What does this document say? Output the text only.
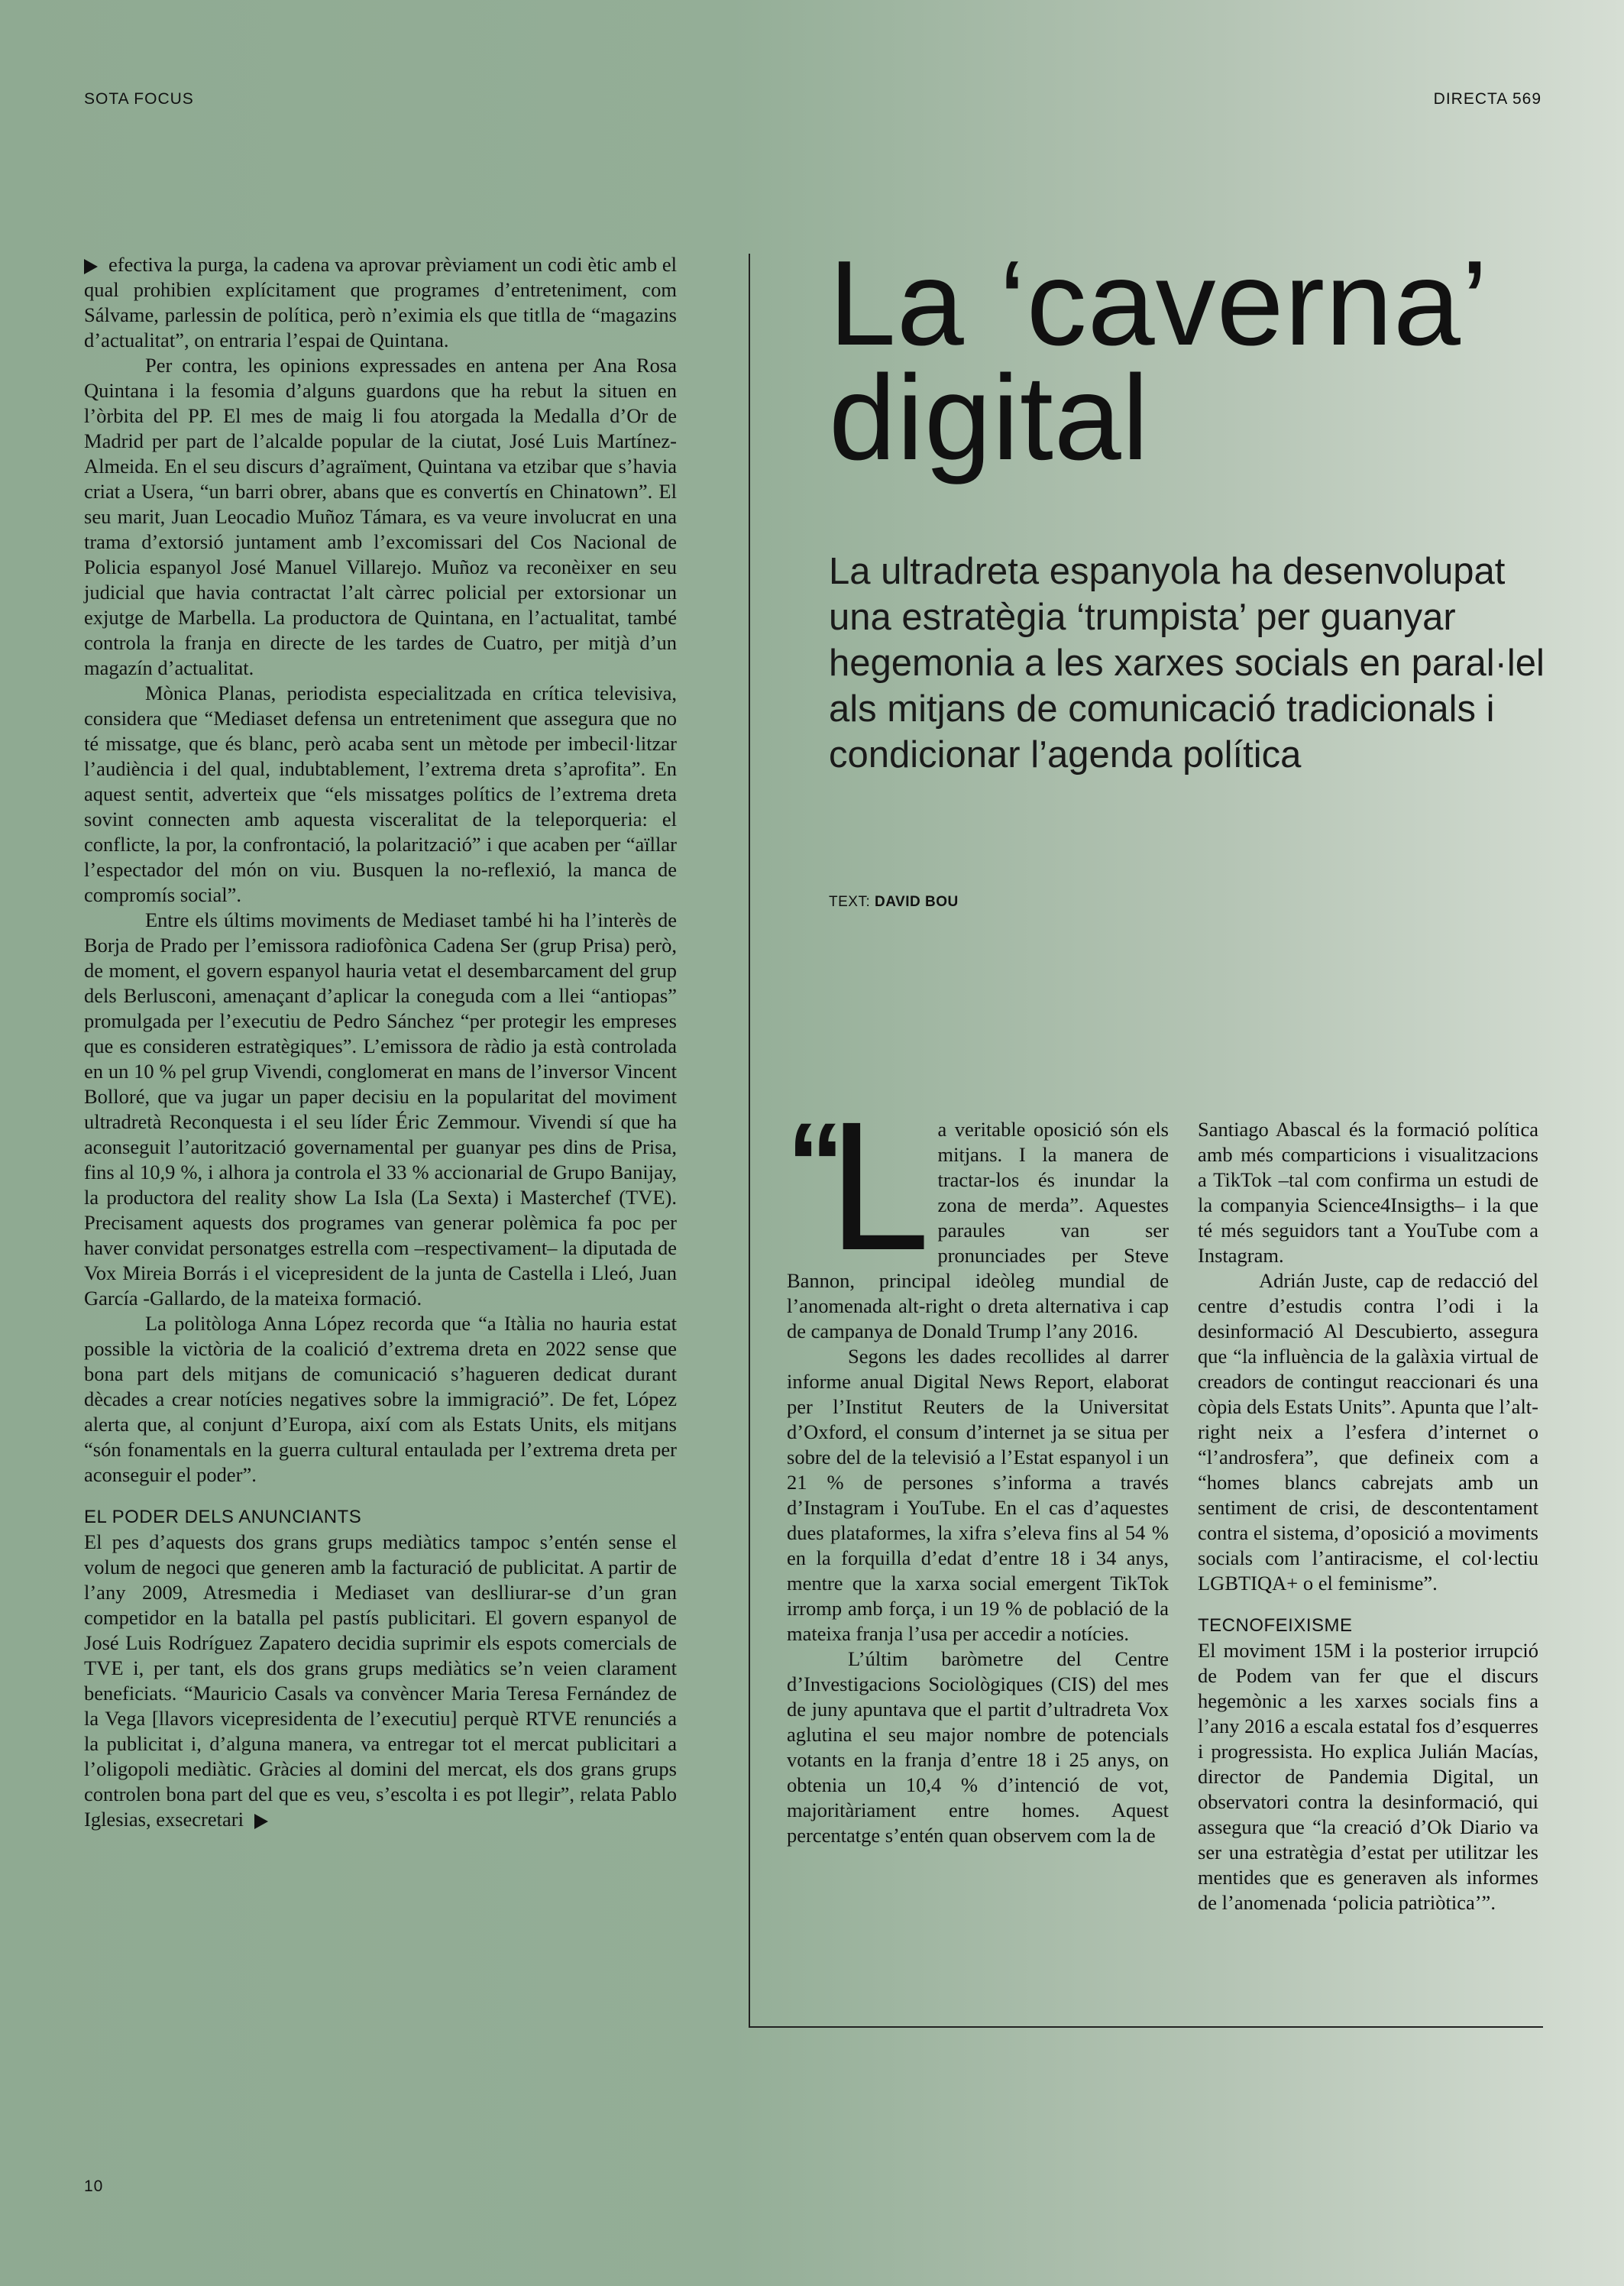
SOTA FOCUS	DIRECTA 569

efectiva la purga, la cadena va aprovar prèviament un codi ètic amb el qual prohibien explícitament que programes d’entreteniment, com Sálvame, parlessin de política, però n’eximia els que titlla de “magazins d’actualitat”, on entraria l’espai de Quintana.

Per contra, les opinions expressades en antena per Ana Rosa Quintana i la fesomia d’alguns guardons que ha rebut la situen en l’òrbita del PP. El mes de maig li fou atorgada la Medalla d’Or de Madrid per part de l’alcalde popular de la ciutat, José Luis Martínez-Almeida. En el seu discurs d’agraïment, Quintana va etzibar que s’havia criat a Usera, “un barri obrer, abans que es convertís en Chinatown”. El seu marit, Juan Leocadio Muñoz Támara, es va veure involucrat en una trama d’extorsió juntament amb l’excomissari del Cos Nacional de Policia espanyol José Manuel Villarejo. Muñoz va reconèixer en seu judicial que havia contractat l’alt càrrec policial per extorsionar un exjutge de Marbella. La productora de Quintana, en l’actualitat, també controla la franja en directe de les tardes de Cuatro, per mitjà d’un magazín d’actualitat.

Mònica Planas, periodista especialitzada en crítica televisiva, considera que “Mediaset defensa un entreteniment que assegura que no té missatge, que és blanc, però acaba sent un mètode per imbecil·litzar l’audiència i del qual, indubtablement, l’extrema dreta s’aprofita”. En aquest sentit, adverteix que “els missatges polítics de l’extrema dreta sovint connecten amb aquesta visceralitat de la teleporqueria: el conflicte, la por, la confrontació, la polarització” i que acaben per “aïllar l’espectador del món on viu. Busquen la no-reflexió, la manca de compromís social”.

Entre els últims moviments de Mediaset també hi ha l’interès de Borja de Prado per l’emissora radiofònica Cadena Ser (grup Prisa) però, de moment, el govern espanyol hauria vetat el desembarcament del grup dels Berlusconi, amenaçant d’aplicar la coneguda com a llei “antiopas” promulgada per l’executiu de Pedro Sánchez “per protegir les empreses que es consideren estratègiques”. L’emissora de ràdio ja està controlada en un 10 % pel grup Vivendi, conglomerat en mans de l’inversor Vincent Bolloré, que va jugar un paper decisiu en la popularitat del moviment ultradretà Reconquesta i el seu líder Éric Zemmour. Vivendi sí que ha aconseguit l’autorització governamental per guanyar pes dins de Prisa, fins al 10,9 %, i alhora ja controla el 33 % accionarial de Grupo Banijay, la productora del reality show La Isla (La Sexta) i Masterchef (TVE). Precisament aquests dos programes van generar polèmica fa poc per haver convidat personatges estrella com –respectivament– la diputada de Vox Mireia Borrás i el vicepresident de la junta de Castella i Lleó, Juan García -Gallardo, de la mateixa formació.

La politòloga Anna López recorda que “a Itàlia no hauria estat possible la victòria de la coalició d’extrema dreta en 2022 sense que bona part dels mitjans de comunicació s’hagueren dedicat durant dècades a crear notícies negatives sobre la immigració”. De fet, López alerta que, al conjunt d’Europa, així com als Estats Units, els mitjans “són fonamentals en la guerra cultural entaulada per l’extrema dreta per aconseguir el poder”.

EL PODER DELS ANUNCIANTS

El pes d’aquests dos grans grups mediàtics tampoc s’entén sense el volum de negoci que generen amb la facturació de publicitat. A partir de l’any 2009, Atresmedia i Mediaset van deslliurar-se d’un gran competidor en la batalla pel pastís publicitari. El govern espanyol de José Luis Rodríguez Zapatero decidia suprimir els espots comercials de TVE i, per tant, els dos grans grups mediàtics se’n veien clarament beneficiats. “Mauricio Casals va convèncer Maria Teresa Fernández de la Vega [llavors vicepresidenta de l’executiu] perquè RTVE renunciés a la publicitat i, d’alguna manera, va entregar tot el mercat publicitari a l’oligopoli mediàtic. Gràcies al domini del mercat, els dos grans grups controlen bona part del que es veu, s’escolta i es pot llegir”, relata Pablo Iglesias, exsecretari

La ‘caverna’ digital

La ultradreta espanyola ha desenvolupat una estratègia ‘trumpista’ per guanyar hegemonia a les xarxes socials en paral·lel als mitjans de comunicació tradicionals i condicionar l’agenda política

TEXT: DAVID BOU
“
L a veritable oposició són els mitjans. I la manera de tractar-los és inundar la zona de merda”. Aquestes paraules van ser pronunciades per Steve Bannon, principal ideòleg mundial de l’anomenada alt-right o dreta alternativa i cap de campanya de Donald Trump l’any 2016.

Segons les dades recollides al darrer informe anual Digital News Report, elaborat per l’Institut Reuters de la Universitat d’Oxford, el consum d’internet ja se situa per sobre del de la televisió a l’Estat espanyol i un 21 % de persones s’informa a través d’Instagram i YouTube. En el cas d’aquestes dues plataformes, la xifra s’eleva fins al 54 % en la forquilla d’edat d’entre 18 i 34 anys, mentre que la xarxa social emergent TikTok irromp amb força, i un 19 % de població de la mateixa franja l’usa per accedir a notícies.

L’últim baròmetre del Centre d’Investigacions Sociològiques (CIS) del mes de juny apuntava que el partit d’ultradreta Vox aglutina el seu major nombre de potencials votants en la franja d’entre 18 i 25 anys, on obtenia un 10,4 % d’intenció de vot, majoritàriament entre homes. Aquest percentatge s’entén quan observem com la de

Santiago Abascal és la formació política amb més comparticions i visualitzacions a TikTok –tal com confirma un estudi de la companyia Science4Insigths– i la que té més seguidors tant a YouTube com a Instagram.

Adrián Juste, cap de redacció del centre d’estudis contra l’odi i la desinformació Al Descubierto, assegura que “la influència de la galàxia virtual de creadors de contingut reaccionari és una còpia dels Estats Units”. Apunta que l’alt-right neix a l’esfera d’internet o “l’androsfera”, que defineix com a “homes blancs cabrejats amb un sentiment de crisi, de descontentament contra el sistema, d’oposició a moviments socials com l’antiracisme, el col·lectiu LGBTIQA+ o el feminisme”.

TECNOFEIXISME

El moviment 15M i la posterior irrupció de Podem van fer que el discurs hegemònic a les xarxes socials fins a l’any 2016 a escala estatal fos d’esquerres i progressista. Ho explica Julián Macías, director de Pandemia Digital, un observatori contra la desinformació, qui assegura que “la creació d’Ok Diario va ser una estratègia d’estat per utilitzar les mentides que es generaven als informes de l’anomenada ‘policia patriòtica’”.

10
